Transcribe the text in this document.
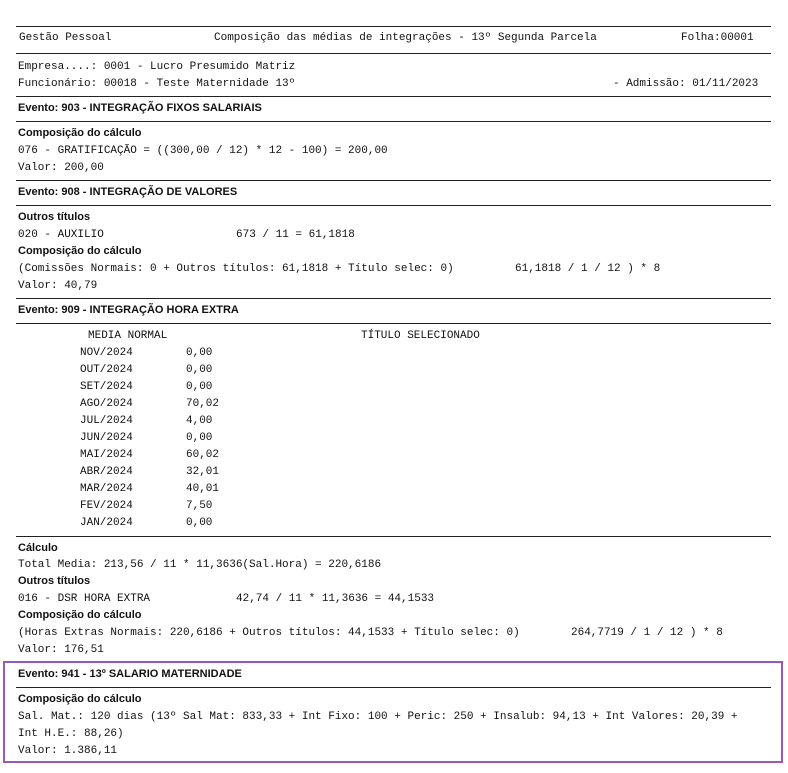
Gestão Pessoal	Composição das médias de integrações - 13º Segunda Parcela	Folha:00001
Empresa....: 0001 - Lucro Presumido Matriz
Funcionário: 00018 - Teste Maternidade 13º	- Admissão: 01/11/2023
Evento: 903 - INTEGRAÇÃO FIXOS SALARIAIS
Composição do cálculo
076 - GRATIFICAÇÃO = ((300,00 / 12) * 12 - 100) = 200,00
Valor: 200,00
Evento: 908 - INTEGRAÇÃO DE VALORES
Outros títulos
020 - AUXILIO	673 / 11 = 61,1818
Composição do cálculo
(Comissões Normais: 0 + Outros títulos: 61,1818 + Título selec: 0)	61,1818 / 1 / 12 ) * 8
Valor: 40,79
Evento: 909 - INTEGRAÇÃO HORA EXTRA
MEDIA NORMAL	TÍTULO SELECIONADO
NOV/2024	0,00
OUT/2024	0,00
SET/2024	0,00
AGO/2024	70,02
JUL/2024	4,00
JUN/2024	0,00
MAI/2024	60,02
ABR/2024	32,01
MAR/2024	40,01
FEV/2024	7,50
JAN/2024	0,00
Cálculo
Total Media: 213,56 / 11 * 11,3636(Sal.Hora) = 220,6186
Outros títulos
016 - DSR HORA EXTRA	42,74 / 11 * 11,3636 = 44,1533
Composição do cálculo
(Horas Extras Normais: 220,6186 + Outros títulos: 44,1533 + Título selec: 0)	264,7719 / 1 / 12 ) * 8
Valor: 176,51
Evento: 941 - 13º SALARIO MATERNIDADE
Composição do cálculo
Sal. Mat.: 120 dias (13º Sal Mat: 833,33 + Int Fixo: 100 + Peric: 250 + Insalub: 94,13 + Int Valores: 20,39 +
Int H.E.: 88,26)
Valor: 1.386,11
